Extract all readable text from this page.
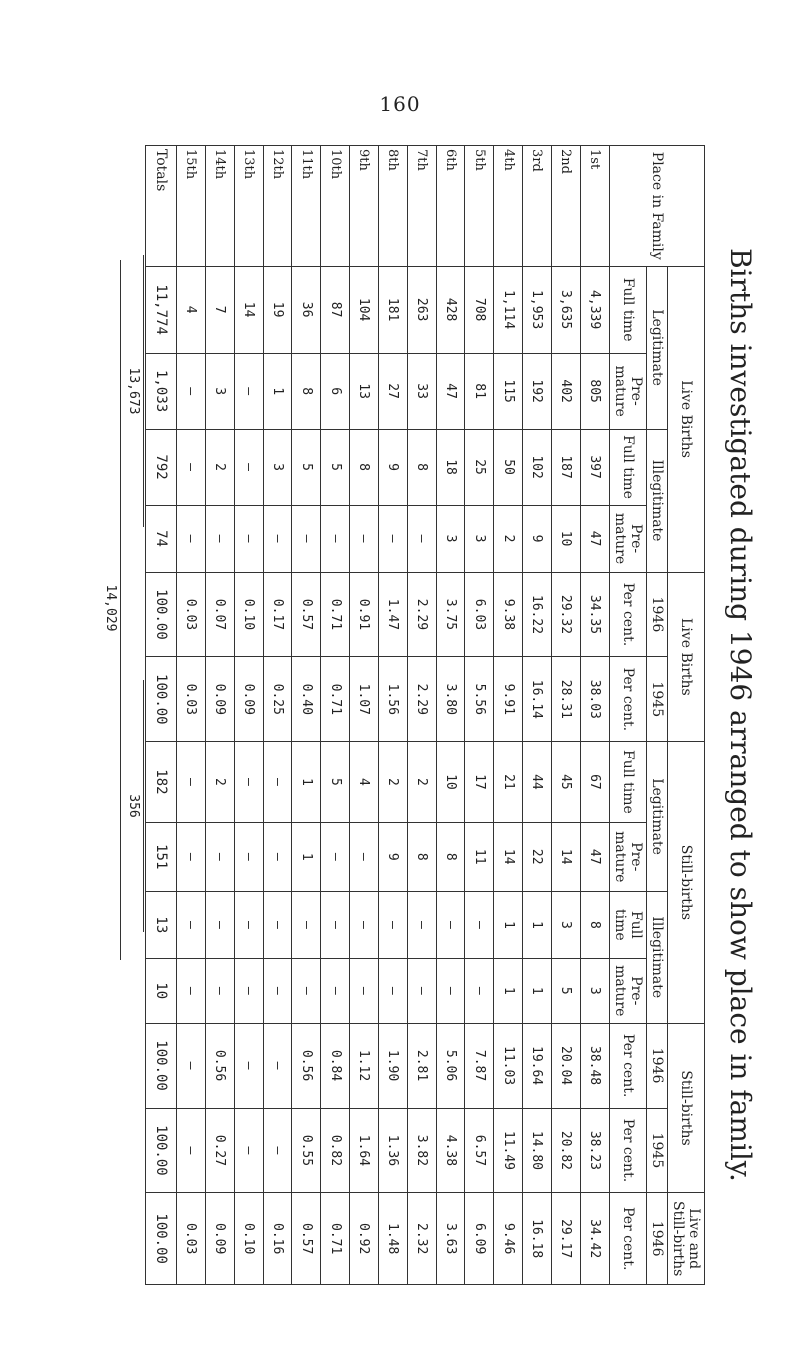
160
Births investigated during 1946 arranged to show place in family.
Place in Family	Live Births				Live Births		Still-births				Still-births		Live and Still-births
	Legitimate		Illegitimate		1946	1945	Legitimate		Illegitimate		1946	1945	1946
	Full time	Pre- mature	Full time	Pre- mature	Per cent.	Per cent.	Full time	Pre- mature	Full time	Pre- mature	Per cent.	Per cent.	Per cent.
1st	4,339	805	397	47	34.35	38.03	67	47	8	3	38.48	38.23	34.42
2nd	3,635	402	187	10	29.32	28.31	45	14	3	5	20.04	20.82	29.17
3rd	1,953	192	102	9	16.22	16.14	44	22	1	1	19.64	14.80	16.18
4th	1,114	115	50	2	9.38	9.91	21	14	1	1	11.03	11.49	9.46
5th	708	81	25	3	6.03	5.56	17	11	—	—	7.87	6.57	6.09
6th	428	47	18	3	3.75	3.80	10	8	—	—	5.06	4.38	3.63
7th	263	33	8	—	2.29	2.29	2	8	—	—	2.81	3.82	2.32
8th	181	27	9	—	1.47	1.56	2	9	—	—	1.90	1.36	1.48
9th	104	13	8	—	0.91	1.07	4	—	—	—	1.12	1.64	0.92
10th	87	6	5	—	0.71	0.71	5	—	—	—	0.84	0.82	0.71
11th	36	8	5	—	0.57	0.40	1	1	—	—	0.56	0.55	0.57
12th	19	1	3	—	0.17	0.25	—	—	—	—	—	—	0.16
13th	14	—	—	—	0.10	0.09	—	—	—	—	—	—	0.10
14th	7	3	2	—	0.07	0.09	2	—	—	—	0.56	0.27	0.09
15th	4	—	—	—	0.03	0.03	—	—	—	—	—	—	0.03
Totals	11,774	1,033	792	74	100.00	100.00	182	151	13	10	100.00	100.00	100.00
13,673
356
14,029
